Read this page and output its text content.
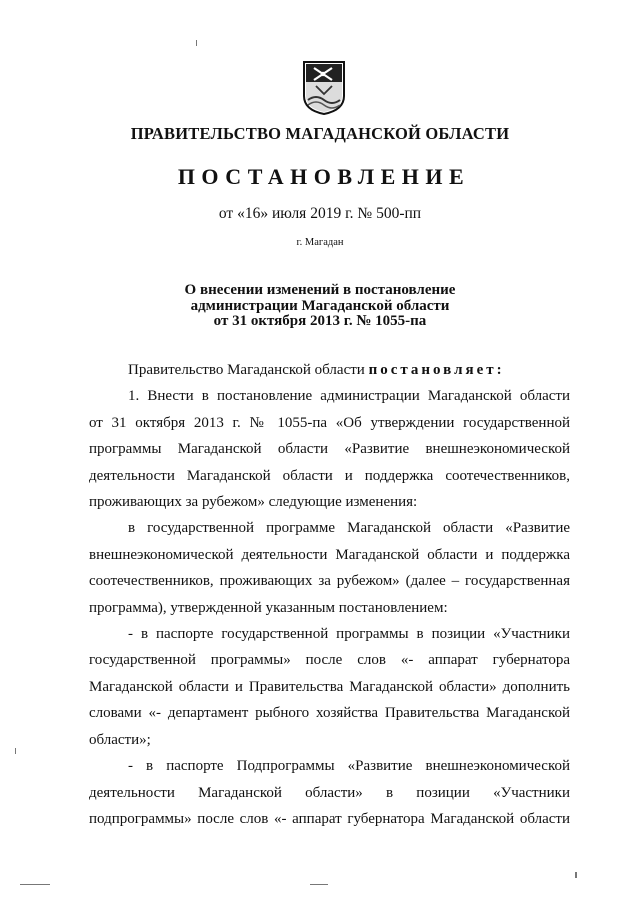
ПРАВИТЕЛЬСТВО МАГАДАНСКОЙ ОБЛАСТИ
ПОСТАНОВЛЕНИЕ
от «16» июля 2019 г. № 500-пп
г. Магадан
О внесении изменений в постановление
администрации Магаданской области
от 31 октября 2013 г. № 1055-па
Правительство Магаданской области постановляет:
1. Внести в постановление администрации Магаданской области
от 31 октября 2013 г. № 1055-па «Об утверждении государственной
программы Магаданской области «Развитие внешнеэкономической
деятельности Магаданской области и поддержка соотечественников,
проживающих за рубежом» следующие изменения:
в государственной программе Магаданской области «Развитие
внешнеэкономической деятельности Магаданской области и поддержка
соотечественников, проживающих за рубежом» (далее – государственная
программа), утвержденной указанным постановлением:
- в паспорте государственной программы в позиции «Участники
государственной программы» после слов «- аппарат губернатора
Магаданской области и Правительства Магаданской области» дополнить
словами «- департамент рыбного хозяйства Правительства Магаданской
области»;
- в паспорте Подпрограммы «Развитие внешнеэкономической
деятельности Магаданской области» в позиции «Участники
подпрограммы» после слов «- аппарат губернатора Магаданской области
